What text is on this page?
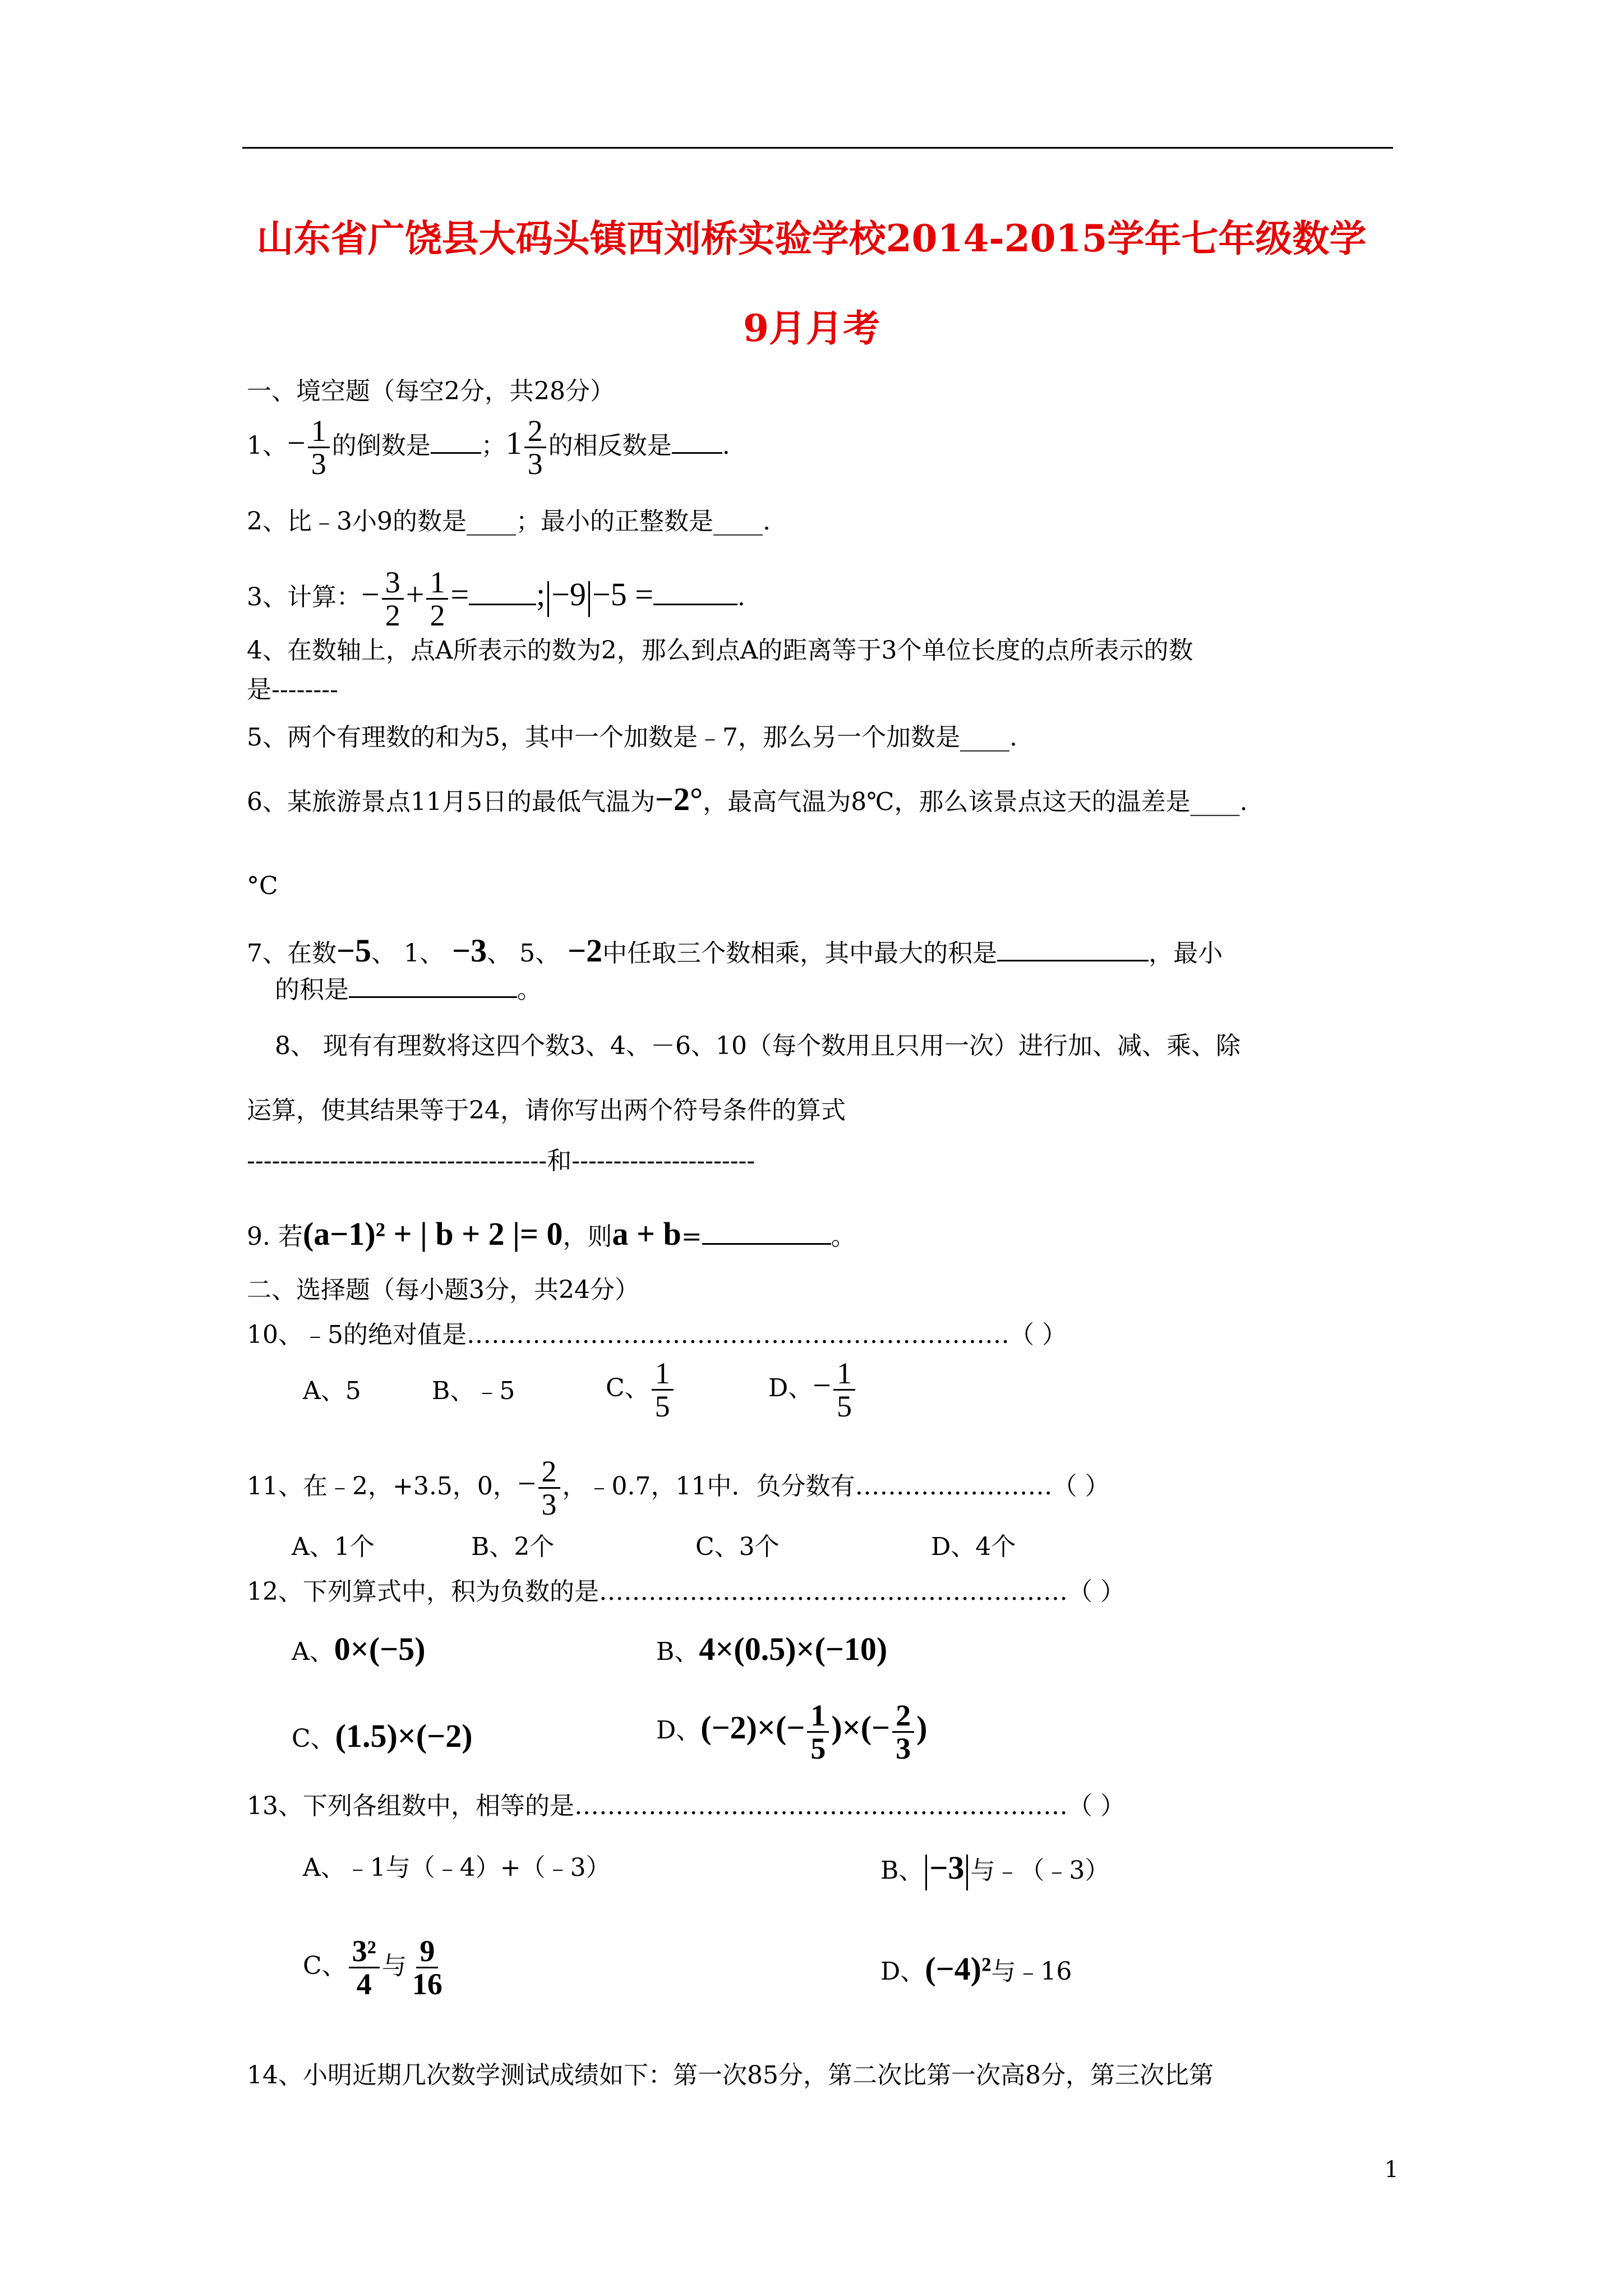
山东省广饶县大码头镇西刘桥实验学校2014-2015学年七年级数学
9月月考
一、境空题（每空2分，共28分）
1、− $\frac{1}{3}$ 的倒数是 ；$1 \frac{2}{3}$ 的相反数是 .
2、比﹣3小9的数是____；最小的正整数是____.
3、计算：− $\frac{3}{2} + \frac{1}{2}$ = ; −9 −5 =	.
4、在数轴上，点A所表示的数为2，那么到点A的距离等于3个单位长度的点所表示的数
是--------
5、两个有理数的和为5，其中一个加数是﹣7，那么另一个加数是____.
6、某旅游景点11月5日的最低气温为−2°，最高气温为8℃，那么该景点这天的温差是____.
°C
7、在数−5、 1、 −3、 5、 −2中任取三个数相乘，其中最大的积是	，最小
的积是	。
8、 现有有理数将这四个数3、4、－6、10（每个数用且只用一次）进行加、减、乘、除
运算，使其结果等于24，请你写出两个符号条件的算式
------------------------------------和----------------------
9. 若(a−1)² + | b + 2 |= 0，则a + b=	。
二、选择题（每小题3分，共24分）
10、﹣5的绝对值是…………………………………………………………（ ）
A、5	B、﹣5	C、 $\frac{1}{5}$	D、− $\frac{1}{5}$
11、在﹣2，+3.5，0，− $\frac{2}{3}$ ，﹣0.7，11中．负分数有……………………（ ）
A、1个	B、2个	C、3个	D、4个
12、下列算式中，积为负数的是…………………………………………………（ ）
A、0×(−5)	B、4×(0.5)×(−10)
C、(1.5)×(−2)	D、$(-2)\times(- \frac{1}{5}$ )×(− $\frac{2}{3}$ )
13、下列各组数中，相等的是……………………………………………………（ ）
A、﹣1与（﹣4）+（﹣3）	B、 −3 与﹣（﹣3）
C、 $\frac{\text{3²}}{4}$ 与 $\frac{9}{16}$	D、(−4)²与﹣16
14、小明近期几次数学测试成绩如下：第一次85分，第二次比第一次高8分，第三次比第
1
